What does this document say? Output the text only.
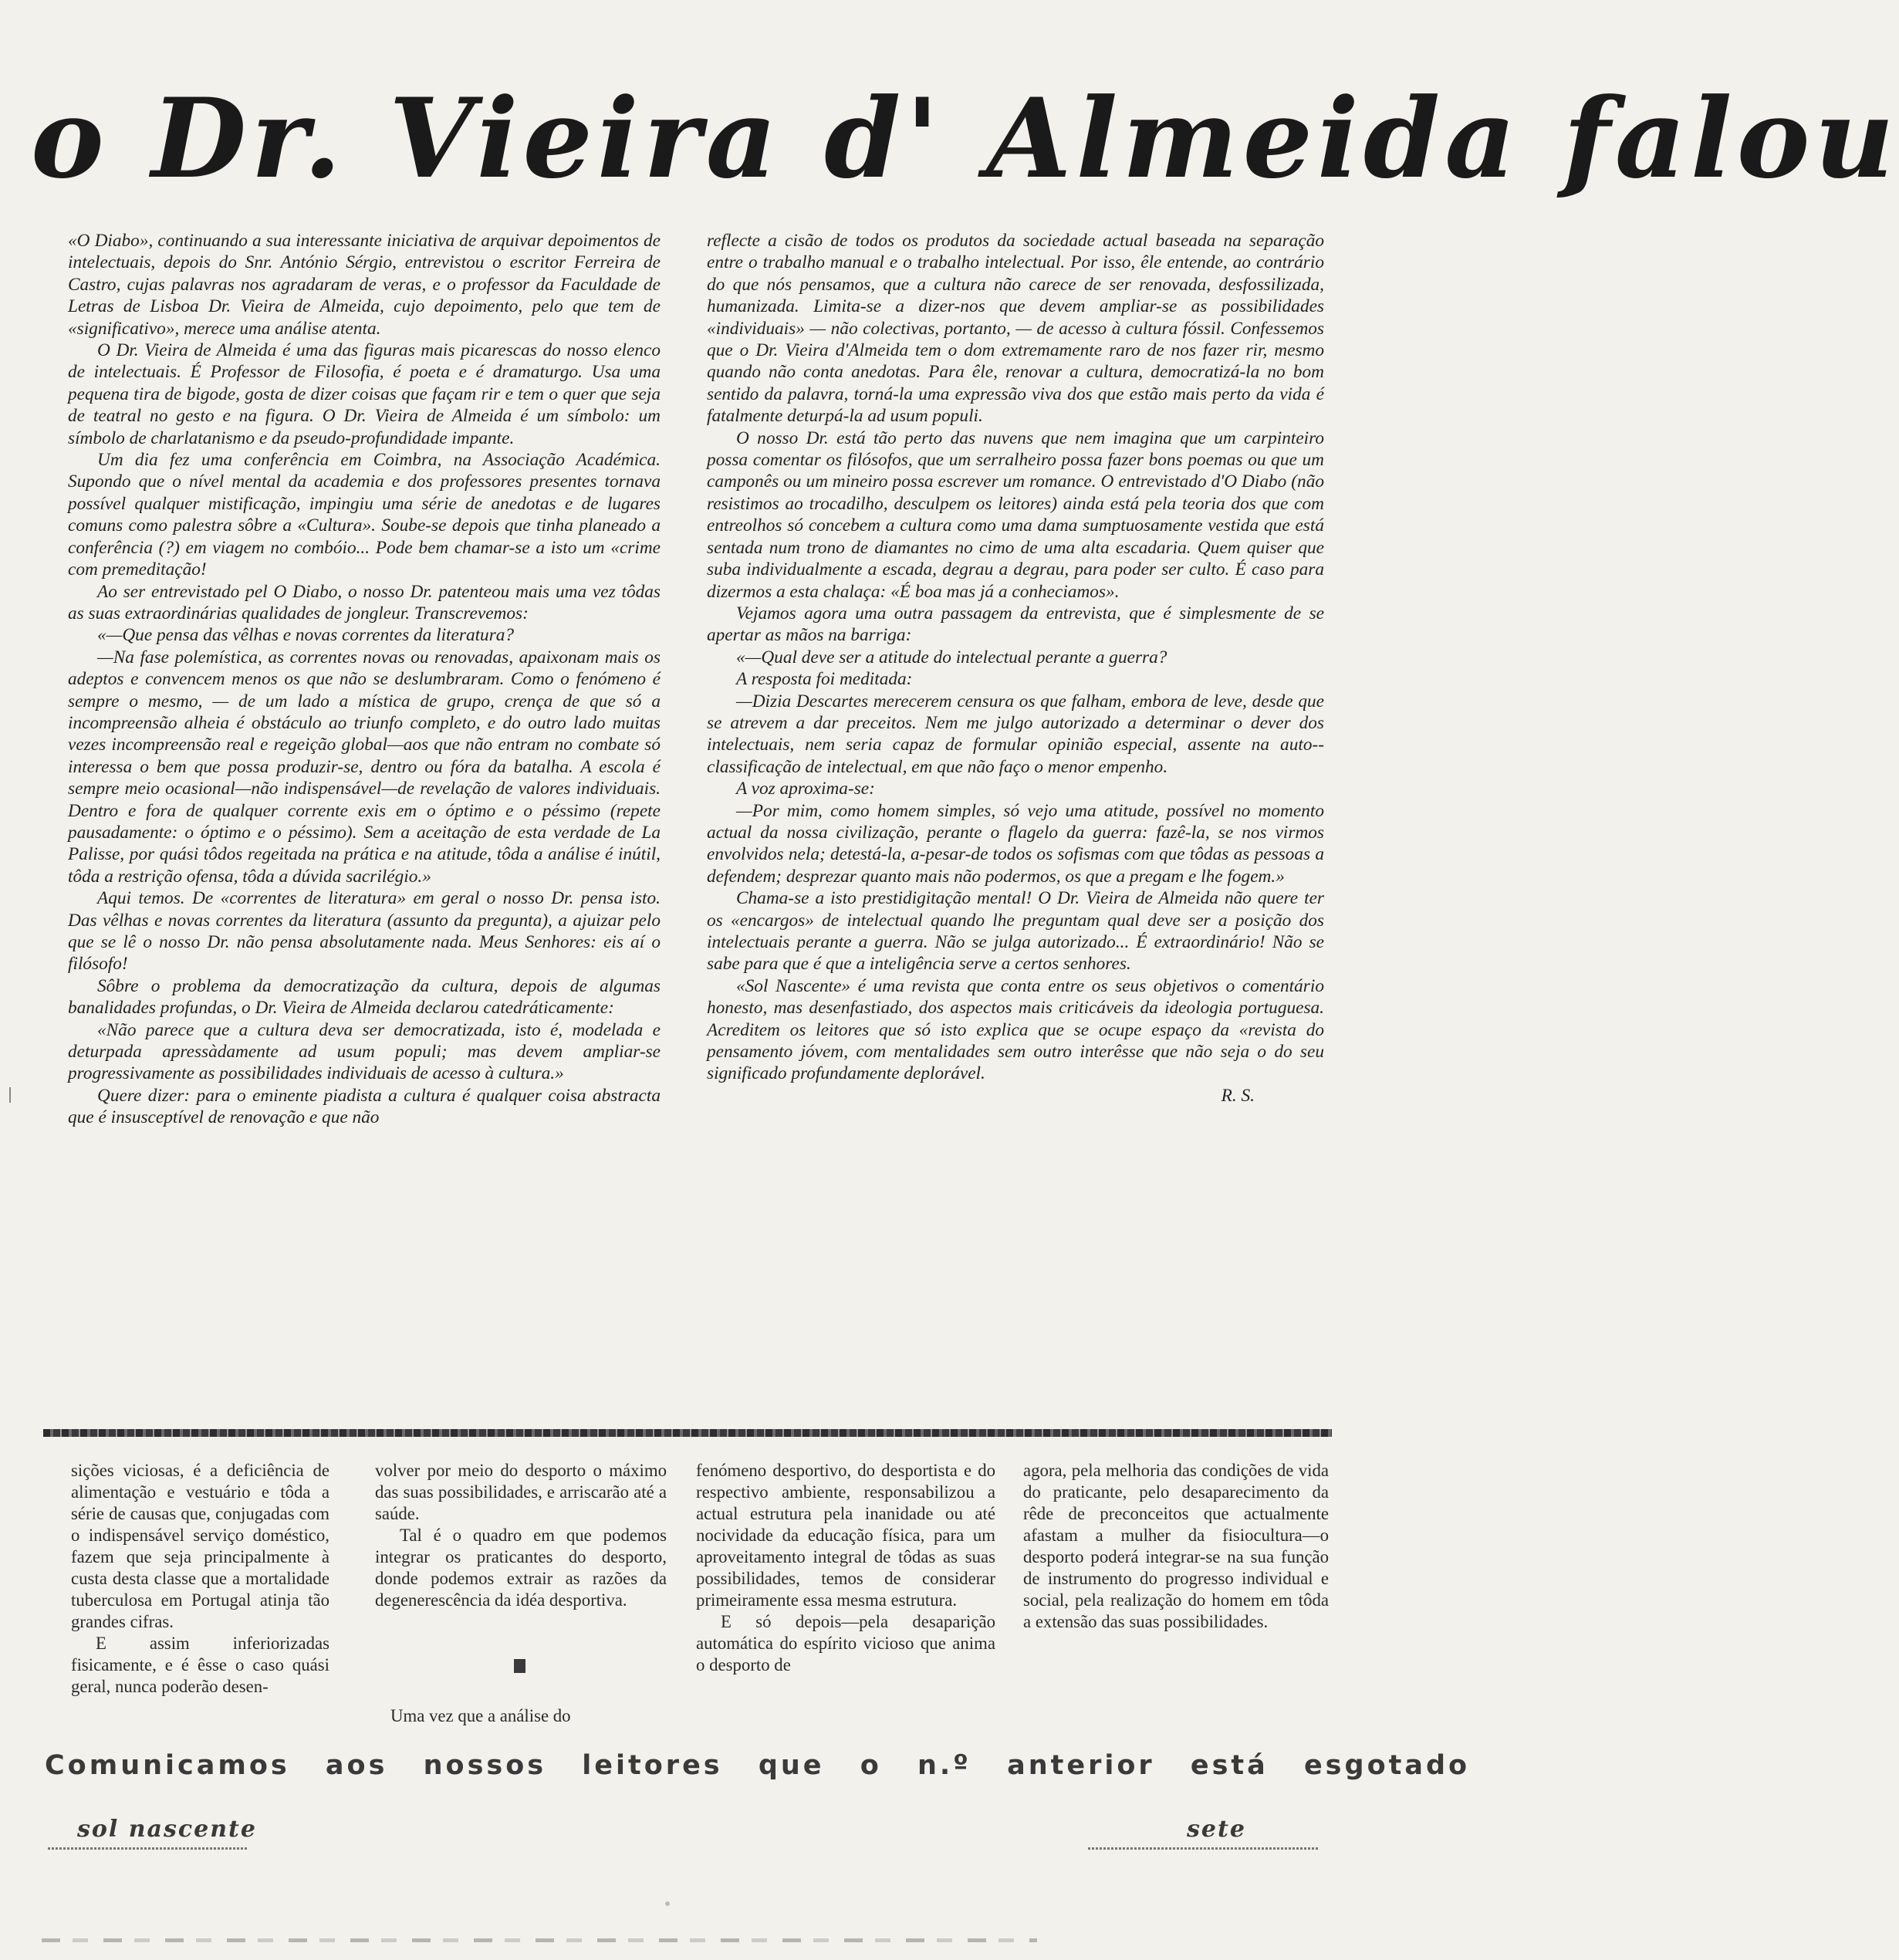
o Dr. Vieira d' Almeida falou

«O Diabo», continuando a sua interessante iniciativa de arquivar depoimentos de intelectuais, depois do Snr. António Sérgio, entrevistou o escritor Ferreira de Castro, cujas palavras nos agradaram de veras, e o professor da Faculdade de Letras de Lisboa Dr. Vieira de Almeida, cujo depoimento, pelo que tem de «significativo», merece uma análise atenta.

O Dr. Vieira de Almeida é uma das figuras mais picarescas do nosso elenco de intelectuais. É Professor de Filosofia, é poeta e é dramaturgo. Usa uma pequena tira de bigode, gosta de dizer coisas que façam rir e tem o quer que seja de teatral no gesto e na figura. O Dr. Vieira de Almeida é um símbolo: um símbolo de charlatanismo e da pseudo-profundidade impante.

Um dia fez uma conferência em Coimbra, na Associação Académica. Supondo que o nível mental da academia e dos professores presentes tornava possível qualquer mistificação, impingiu uma série de anedotas e de lugares comuns como palestra sôbre a «Cultura». Soube-se depois que tinha planeado a conferência (?) em viagem no combóio... Pode bem chamar-se a isto um «crime com premeditação!

Ao ser entrevistado pel O Diabo, o nosso Dr. patenteou mais uma vez tôdas as suas extraordinárias qualidades de jongleur. Transcrevemos:

«—Que pensa das vêlhas e novas correntes da literatura?

—Na fase polemística, as correntes novas ou renovadas, apaixonam mais os adeptos e convencem menos os que não se deslumbraram. Como o fenómeno é sempre o mesmo, — de um lado a mística de grupo, crença de que só a incompreensão alheia é obstáculo ao triunfo completo, e do outro lado muitas vezes incompreensão real e regeição global—aos que não entram no combate só interessa o bem que possa produzir-se, dentro ou fóra da batalha. A escola é sempre meio ocasional—não indispensável—de revelação de valores individuais. Dentro e fora de qualquer corrente exis em o óptimo e o péssimo (repete pausadamente: o óptimo e o péssimo). Sem a aceitação de esta verdade de La Palisse, por quási tôdos regeitada na prática e na atitude, tôda a análise é inútil, tôda a restrição ofensa, tôda a dúvida sacrilégio.»

Aqui temos. De «correntes de literatura» em geral o nosso Dr. pensa isto. Das vêlhas e novas correntes da literatura (assunto da pregunta), a ajuizar pelo que se lê o nosso Dr. não pensa absolutamente nada. Meus Senhores: eis aí o filósofo!

Sôbre o problema da democratização da cultura, depois de algumas banalidades profundas, o Dr. Vieira de Almeida declarou catedráticamente:

«Não parece que a cultura deva ser democratizada, isto é, modelada e deturpada apressàdamente ad usum populi; mas devem ampliar-se progressivamente as possibilidades individuais de acesso à cultura.»

Quere dizer: para o eminente piadista a cultura é qualquer coisa abstracta que é insusceptível de renovação e que não

reflecte a cisão de todos os produtos da sociedade actual baseada na separação entre o trabalho manual e o trabalho intelectual. Por isso, êle entende, ao contrário do que nós pensamos, que a cultura não carece de ser renovada, desfossilizada, humanizada. Limita-se a dizer-nos que devem ampliar-se as possibilidades «individuais» — não colectivas, portanto, — de acesso à cultura fóssil. Confessemos que o Dr. Vieira d'Almeida tem o dom extremamente raro de nos fazer rir, mesmo quando não conta anedotas. Para êle, renovar a cultura, democratizá-la no bom sentido da palavra, torná-la uma expressão viva dos que estão mais perto da vida é fatalmente deturpá-la ad usum populi.

O nosso Dr. está tão perto das nuvens que nem imagina que um carpinteiro possa comentar os filósofos, que um serralheiro possa fazer bons poemas ou que um camponês ou um mineiro possa escrever um romance. O entrevistado d'O Diabo (não resistimos ao trocadilho, desculpem os leitores) ainda está pela teoria dos que com entreolhos só concebem a cultura como uma dama sumptuosamente vestida que está sentada num trono de diamantes no cimo de uma alta escadaria. Quem quiser que suba individualmente a escada, degrau a degrau, para poder ser culto. É caso para dizermos a esta chalaça: «É boa mas já a conheciamos».

Vejamos agora uma outra passagem da entrevista, que é simplesmente de se apertar as mãos na barriga:

«—Qual deve ser a atitude do intelectual perante a guerra?

A resposta foi meditada:

—Dizia Descartes merecerem censura os que falham, embora de leve, desde que se atrevem a dar preceitos. Nem me julgo autorizado a determinar o dever dos intelectuais, nem seria capaz de formular opinião especial, assente na auto--classificação de intelectual, em que não faço o menor empenho.

A voz aproxima-se:

—Por mim, como homem simples, só vejo uma atitude, possível no momento actual da nossa civilização, perante o flagelo da guerra: fazê-la, se nos virmos envolvidos nela; detestá-la, a-pesar-de todos os sofismas com que tôdas as pessoas a defendem; desprezar quanto mais não podermos, os que a pregam e lhe fogem.»

Chama-se a isto prestidigitação mental! O Dr. Vieira de Almeida não quere ter os «encargos» de intelectual quando lhe preguntam qual deve ser a posição dos intelectuais perante a guerra. Não se julga autorizado... É extraordinário! Não se sabe para que é que a inteligência serve a certos senhores.

«Sol Nascente» é uma revista que conta entre os seus objetivos o comentário honesto, mas desenfastiado, dos aspectos mais criticáveis da ideologia portuguesa. Acreditem os leitores que só isto explica que se ocupe espaço da «revista do pensamento jóvem, com mentalidades sem outro interêsse que não seja o do seu significado profundamente deplorável.

R. S.

sições viciosas, é a deficiência de alimentação e vestuário e tôda a série de causas que, conjugadas com o indispensável serviço doméstico, fazem que seja principalmente à custa desta classe que a mortalidade tuberculosa em Portugal atinja tão grandes cifras.

E assim inferiorizadas fisicamente, e é êsse o caso quási geral, nunca poderão desen-

volver por meio do desporto o máximo das suas possibilidades, e arriscarão até a saúde.

Tal é o quadro em que podemos integrar os praticantes do desporto, donde podemos extrair as razões da degenerescência da idéa desportiva.

Uma vez que a análise do

fenómeno desportivo, do desportista e do respectivo ambiente, responsabilizou a actual estrutura pela inanidade ou até nocividade da educação física, para um aproveitamento integral de tôdas as suas possibilidades, temos de considerar primeiramente essa mesma estrutura.

E só depois—pela desaparição automática do espírito vicioso que anima o desporto de

agora, pela melhoria das condições de vida do praticante, pelo desaparecimento da rêde de preconceitos que actualmente afastam a mulher da fisiocultura—o desporto poderá integrar-se na sua função de instrumento do progresso individual e social, pela realização do homem em tôda a extensão das suas possibilidades.

Comunicamos aos nossos leitores que o n.º anterior está esgotado
sol nascente	sete
